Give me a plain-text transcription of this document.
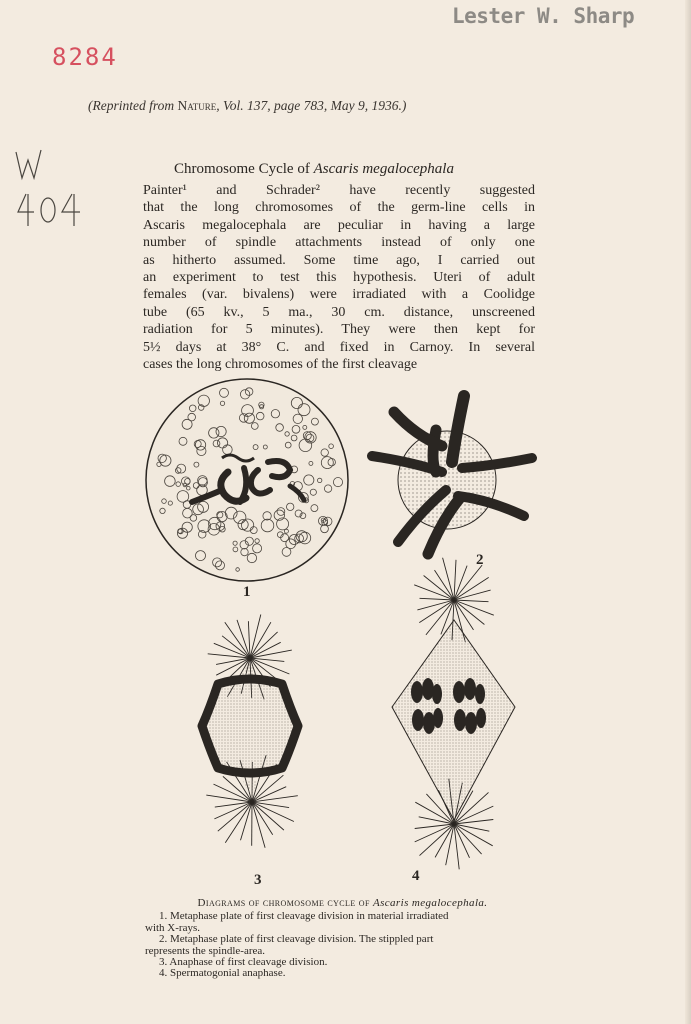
Lester W. Sharp
8284
(Reprinted from Nature, Vol. 137, page 783, May 9, 1936.)
Chromosome Cycle of Ascaris megalocephala
Painter¹ and Schrader² have recently suggested
that the long chromosomes of the germ-line cells in
Ascaris megalocephala are peculiar in having a large
number of spindle attachments instead of only one
as hitherto assumed. Some time ago, I carried out
an experiment to test this hypothesis. Uteri of adult
females (var. bivalens) were irradiated with a Coolidge
tube (65 kv., 5 ma., 30 cm. distance, unscreened
radiation for 5 minutes). They were then kept for
5½ days at 38° C. and fixed in Carnoy. In several
cases the long chromosomes of the first cleavage
1
2
3	4
Diagrams of chromosome cycle of Ascaris megalocephala.
1. Metaphase plate of first cleavage division in material irradiated
with X-rays.
2. Metaphase plate of first cleavage division. The stippled part
represents the spindle-area.
3. Anaphase of first cleavage division.
4. Spermatogonial anaphase.
